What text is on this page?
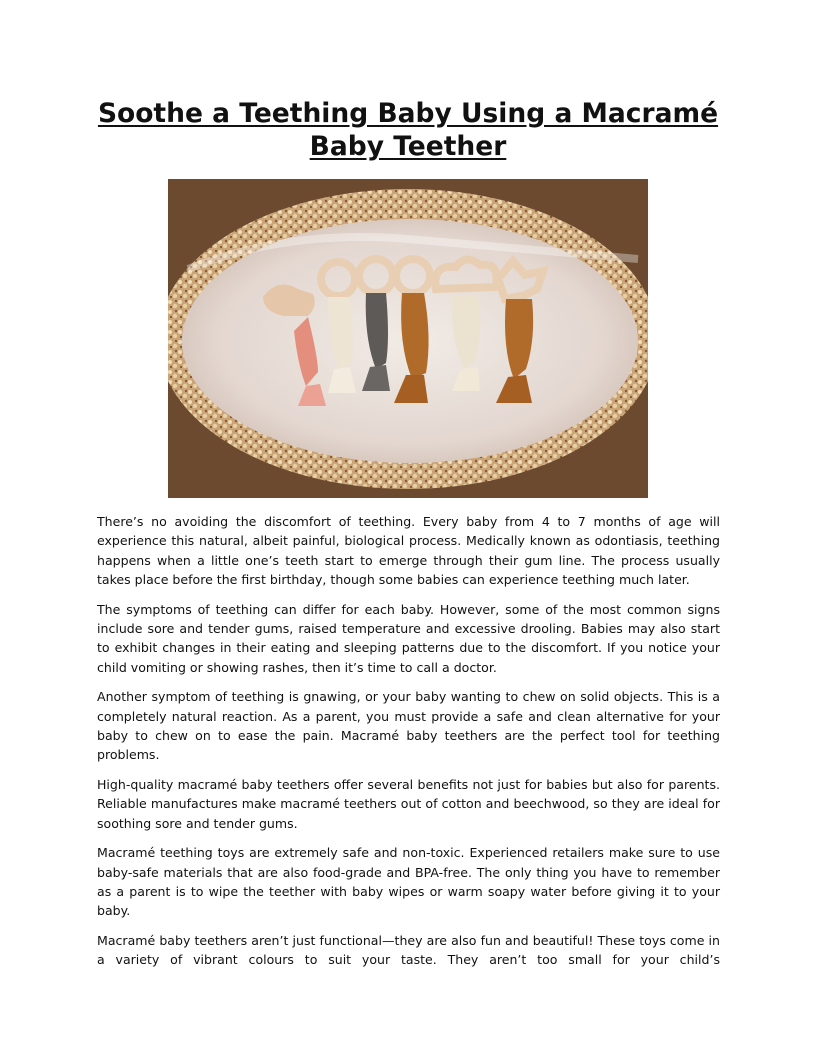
Soothe a Teething Baby Using a Macramé Baby Teether

There’s no avoiding the discomfort of teething. Every baby from 4 to 7 months of age will experience this natural, albeit painful, biological process. Medically known as odontiasis, teething happens when a little one’s teeth start to emerge through their gum line. The process usually takes place before the first birthday, though some babies can experience teething much later.

The symptoms of teething can differ for each baby. However, some of the most common signs include sore and tender gums, raised temperature and excessive drooling. Babies may also start to exhibit changes in their eating and sleeping patterns due to the discomfort. If you notice your child vomiting or showing rashes, then it’s time to call a doctor.

Another symptom of teething is gnawing, or your baby wanting to chew on solid objects. This is a completely natural reaction. As a parent, you must provide a safe and clean alternative for your baby to chew on to ease the pain. Macramé baby teethers are the perfect tool for teething problems.

High-quality macramé baby teethers offer several benefits not just for babies but also for parents. Reliable manufactures make macramé teethers out of cotton and beechwood, so they are ideal for soothing sore and tender gums.

Macramé teething toys are extremely safe and non-toxic. Experienced retailers make sure to use baby-safe materials that are also food-grade and BPA-free. The only thing you have to remember as a parent is to wipe the teether with baby wipes or warm soapy water before giving it to your baby.

Macramé baby teethers aren’t just functional—they are also fun and beautiful! These toys come in a variety of vibrant colours to suit your taste. They aren’t too small for your child’s
